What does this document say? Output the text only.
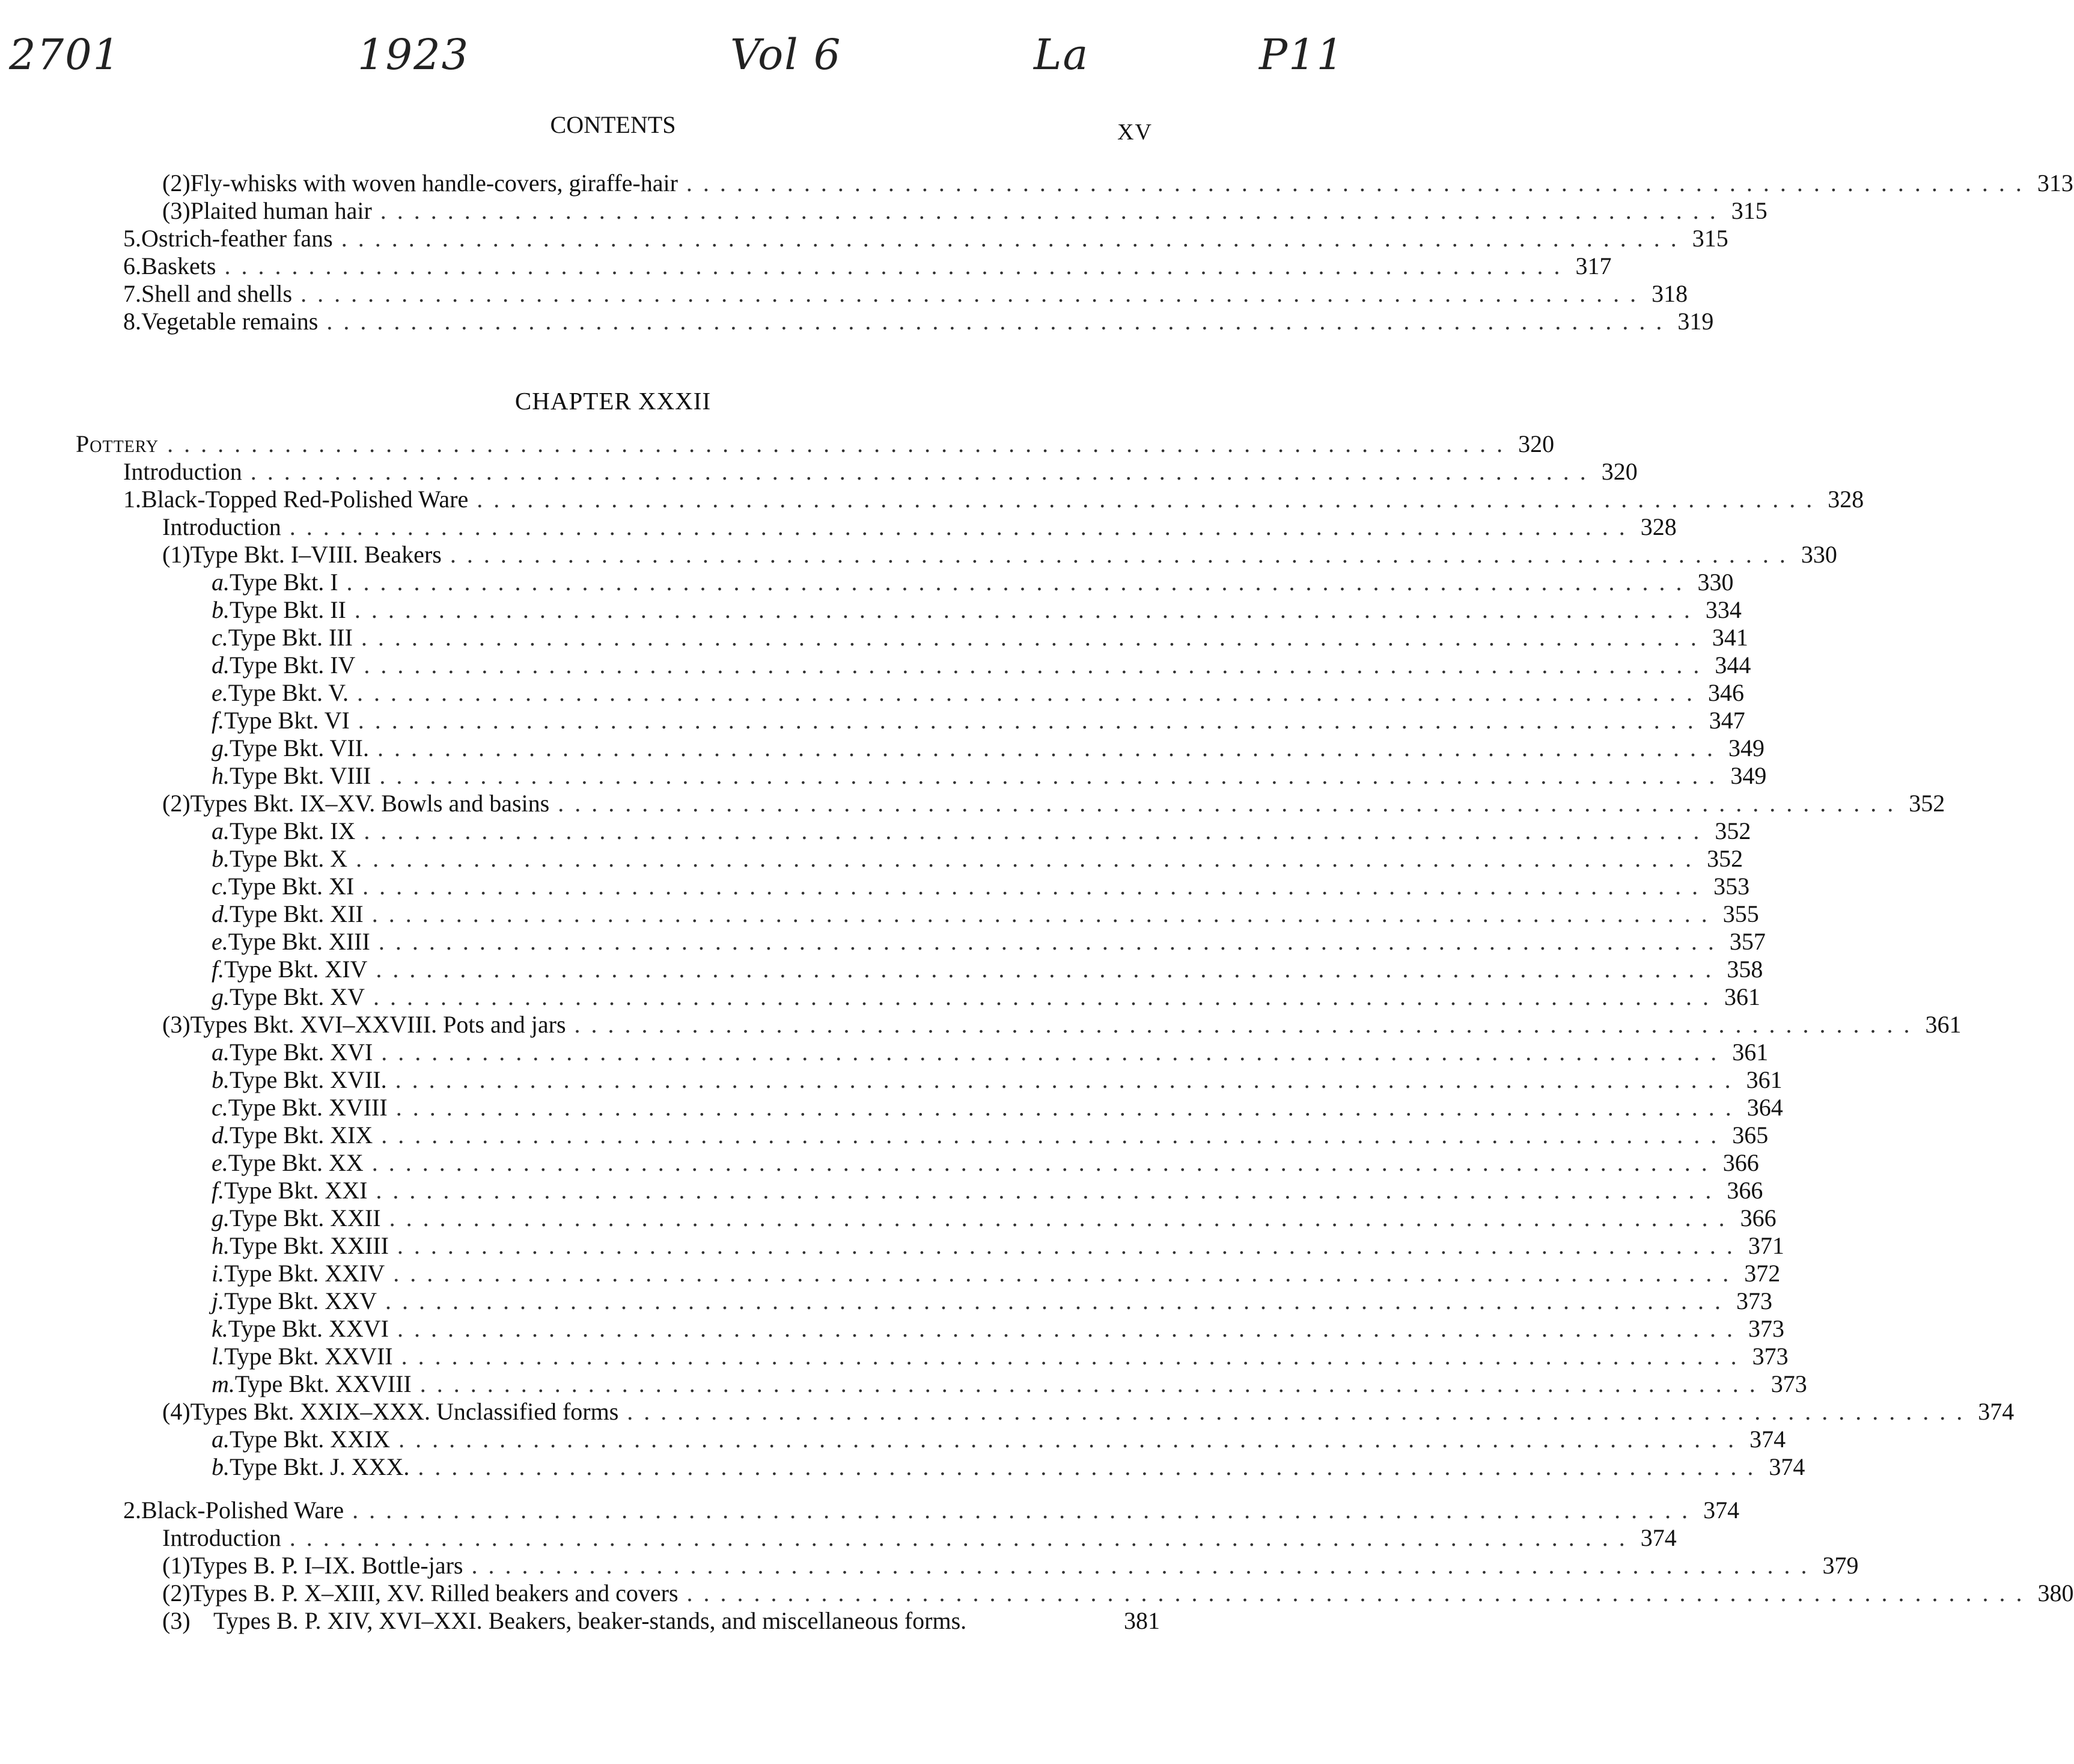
2701	1923	Vol 6	La	P11
CONTENTS	XV
CHAPTER XXXII
(2) Fly-whisks with woven handle-covers, giraffe-hair ................................................................................ 313
(3) Plaited human hair ................................................................................ 315
5. Ostrich-feather fans ................................................................................ 315
6. Baskets ................................................................................ 317
7. Shell and shells ................................................................................ 318
8. Vegetable remains ................................................................................ 319
Pottery ................................................................................ 320
Introduction ................................................................................ 320
1. Black-Topped Red-Polished Ware ................................................................................ 328
Introduction ................................................................................ 328
(1) Type Bkt. I–VIII. Beakers ................................................................................ 330
a. Type Bkt. I ................................................................................ 330
b. Type Bkt. II ................................................................................ 334
c. Type Bkt. III ................................................................................ 341
d. Type Bkt. IV ................................................................................ 344
e. Type Bkt. V. ................................................................................ 346
f. Type Bkt. VI ................................................................................ 347
g. Type Bkt. VII. ................................................................................ 349
h. Type Bkt. VIII ................................................................................ 349
(2) Types Bkt. IX–XV. Bowls and basins ................................................................................ 352
a. Type Bkt. IX ................................................................................ 352
b. Type Bkt. X ................................................................................ 352
c. Type Bkt. XI ................................................................................ 353
d. Type Bkt. XII ................................................................................ 355
e. Type Bkt. XIII ................................................................................ 357
f. Type Bkt. XIV ................................................................................ 358
g. Type Bkt. XV ................................................................................ 361
(3) Types Bkt. XVI–XXVIII. Pots and jars ................................................................................ 361
a. Type Bkt. XVI ................................................................................ 361
b. Type Bkt. XVII. ................................................................................ 361
c. Type Bkt. XVIII ................................................................................ 364
d. Type Bkt. XIX ................................................................................ 365
e. Type Bkt. XX ................................................................................ 366
f. Type Bkt. XXI ................................................................................ 366
g. Type Bkt. XXII ................................................................................ 366
h. Type Bkt. XXIII ................................................................................ 371
i. Type Bkt. XXIV ................................................................................ 372
j. Type Bkt. XXV ................................................................................ 373
k. Type Bkt. XXVI ................................................................................ 373
l. Type Bkt. XXVII ................................................................................ 373
m. Type Bkt. XXVIII ................................................................................ 373
(4) Types Bkt. XXIX–XXX. Unclassified forms ................................................................................ 374
a. Type Bkt. XXIX ................................................................................ 374
b. Type Bkt. J. XXX. ................................................................................ 374
2. Black-Polished Ware ................................................................................ 374
Introduction ................................................................................ 374
(1) Types B. P. I–IX. Bottle-jars ................................................................................ 379
(2) Types B. P. X–XIII, XV. Rilled beakers and covers ................................................................................ 380
(3) Types B. P. XIV, XVI–XXI. Beakers, beaker-stands, and miscellaneous forms.	381
